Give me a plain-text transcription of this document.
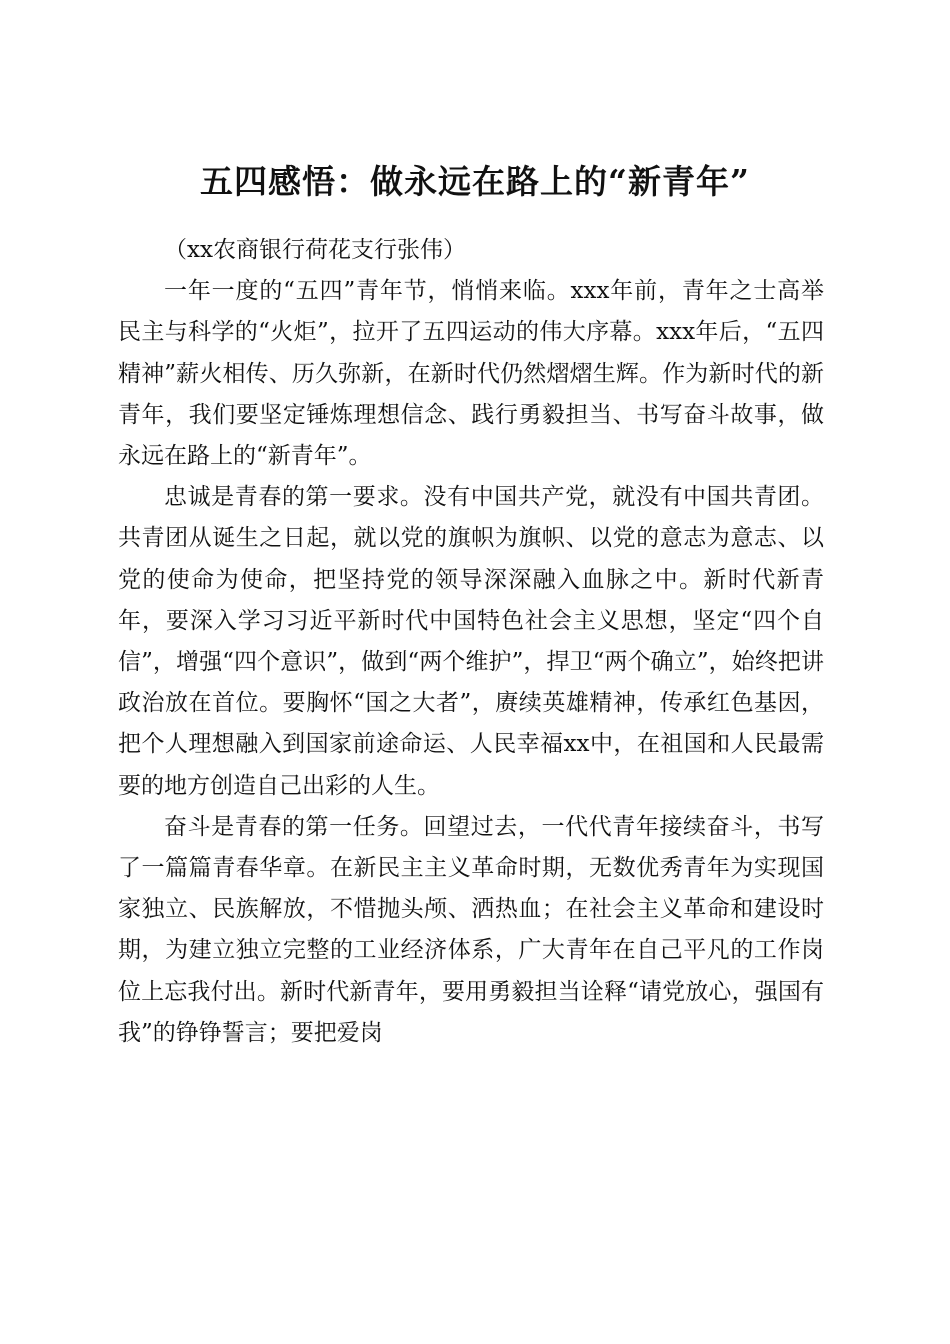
五四感悟：做永远在路上的“新青年”
（xx农商银行荷花支行张伟）

一年一度的“五四”青年节，悄悄来临。xxx年前，青年之士高举民主与科学的“火炬”，拉开了五四运动的伟大序幕。xxx年后，“五四精神”薪火相传、历久弥新，在新时代仍然熠熠生辉。作为新时代的新青年，我们要坚定锤炼理想信念、践行勇毅担当、书写奋斗故事，做永远在路上的“新青年”。

忠诚是青春的第一要求。没有中国共产党，就没有中国共青团。共青团从诞生之日起，就以党的旗帜为旗帜、以党的意志为意志、以党的使命为使命，把坚持党的领导深深融入血脉之中。新时代新青年，要深入学习习近平新时代中国特色社会主义思想，坚定“四个自信”，增强“四个意识”，做到“两个维护”，捍卫“两个确立”，始终把讲政治放在首位。要胸怀“国之大者”，赓续英雄精神，传承红色基因，把个人理想融入到国家前途命运、人民幸福xx中，在祖国和人民最需要的地方创造自己出彩的人生。

奋斗是青春的第一任务。回望过去，一代代青年接续奋斗，书写了一篇篇青春华章。在新民主主义革命时期，无数优秀青年为实现国家独立、民族解放，不惜抛头颅、洒热血；在社会主义革命和建设时期，为建立独立完整的工业经济体系，广大青年在自己平凡的工作岗位上忘我付出。新时代新青年，要用勇毅担当诠释“请党放心，强国有我”的铮铮誓言；要把爱岗
